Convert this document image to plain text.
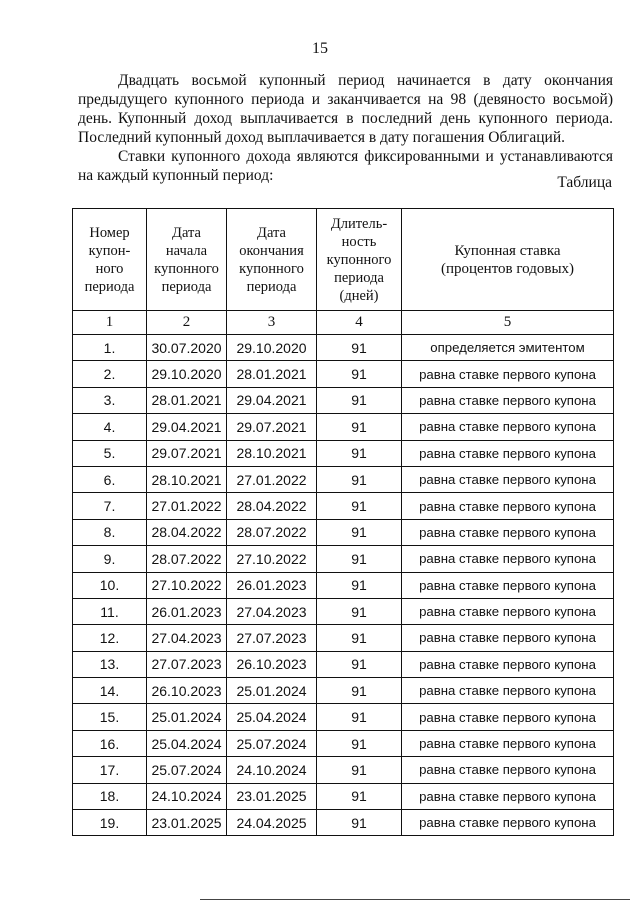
15

Двадцать восьмой купонный период начинается в дату окончания предыдущего купонного периода и заканчивается на 98 (девяносто восьмой) день. Купонный доход выплачивается в последний день купонного периода. Последний купонный доход выплачивается в дату погашения Облигаций.

Ставки купонного дохода являются фиксированными и устанавливаются на каждый купонный период:	Таблица
Номер
купон-
ного
периода	Дата
начала
купонного
периода	Дата
окончания
купонного
периода	Длитель-
ность
купонного
периода
(дней)	Купонная ставка
(процентов годовых)
1	2	3	4	5
1.	30.07.2020	29.10.2020	91	определяется эмитентом
2.	29.10.2020	28.01.2021	91	равна ставке первого купона
3.	28.01.2021	29.04.2021	91	равна ставке первого купона
4.	29.04.2021	29.07.2021	91	равна ставке первого купона
5.	29.07.2021	28.10.2021	91	равна ставке первого купона
6.	28.10.2021	27.01.2022	91	равна ставке первого купона
7.	27.01.2022	28.04.2022	91	равна ставке первого купона
8.	28.04.2022	28.07.2022	91	равна ставке первого купона
9.	28.07.2022	27.10.2022	91	равна ставке первого купона
10.	27.10.2022	26.01.2023	91	равна ставке первого купона
11.	26.01.2023	27.04.2023	91	равна ставке первого купона
12.	27.04.2023	27.07.2023	91	равна ставке первого купона
13.	27.07.2023	26.10.2023	91	равна ставке первого купона
14.	26.10.2023	25.01.2024	91	равна ставке первого купона
15.	25.01.2024	25.04.2024	91	равна ставке первого купона
16.	25.04.2024	25.07.2024	91	равна ставке первого купона
17.	25.07.2024	24.10.2024	91	равна ставке первого купона
18.	24.10.2024	23.01.2025	91	равна ставке первого купона
19.	23.01.2025	24.04.2025	91	равна ставке первого купона
